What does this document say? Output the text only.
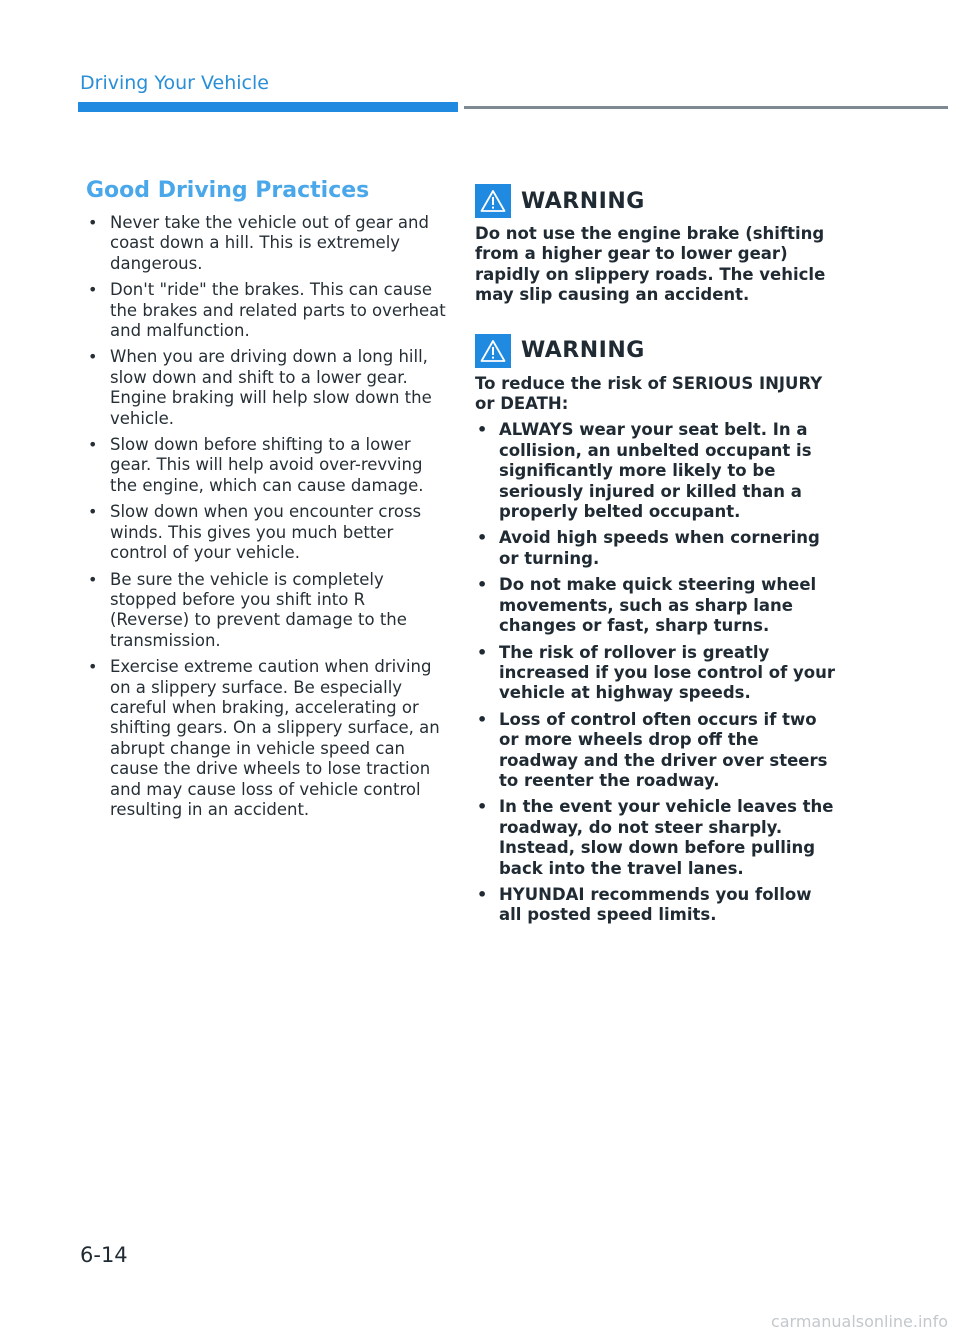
Driving Your Vehicle
Good Driving Practices
• Never take the vehicle out of gear and coast down a hill. This is extremely dangerous.
• Don't "ride" the brakes. This can cause the brakes and related parts to overheat and malfunction.
• When you are driving down a long hill, slow down and shift to a lower gear. Engine braking will help slow down the vehicle.
• Slow down before shifting to a lower gear. This will help avoid over-revving the engine, which can cause damage.
• Slow down when you encounter cross winds. This gives you much better control of your vehicle.
• Be sure the vehicle is completely stopped before you shift into R (Reverse) to prevent damage to the transmission.
• Exercise extreme caution when driving on a slippery surface. Be especially careful when braking, accelerating or shifting gears. On a slippery surface, an abrupt change in vehicle speed can cause the drive wheels to lose traction and may cause loss of vehicle control resulting in an accident.
WARNING

Do not use the engine brake (shifting from a higher gear to lower gear) rapidly on slippery roads. The vehicle may slip causing an accident.

WARNING

To reduce the risk of SERIOUS INJURY or DEATH:

• ALWAYS wear your seat belt. In a collision, an unbelted occupant is significantly more likely to be seriously injured or killed than a properly belted occupant.
• Avoid high speeds when cornering or turning.
• Do not make quick steering wheel movements, such as sharp lane changes or fast, sharp turns.
• The risk of rollover is greatly increased if you lose control of your vehicle at highway speeds.
• Loss of control often occurs if two or more wheels drop off the roadway and the driver over steers to reenter the roadway.
• In the event your vehicle leaves the roadway, do not steer sharply. Instead, slow down before pulling back into the travel lanes.
• HYUNDAI recommends you follow all posted speed limits.
6-14
carmanualsonline.info
